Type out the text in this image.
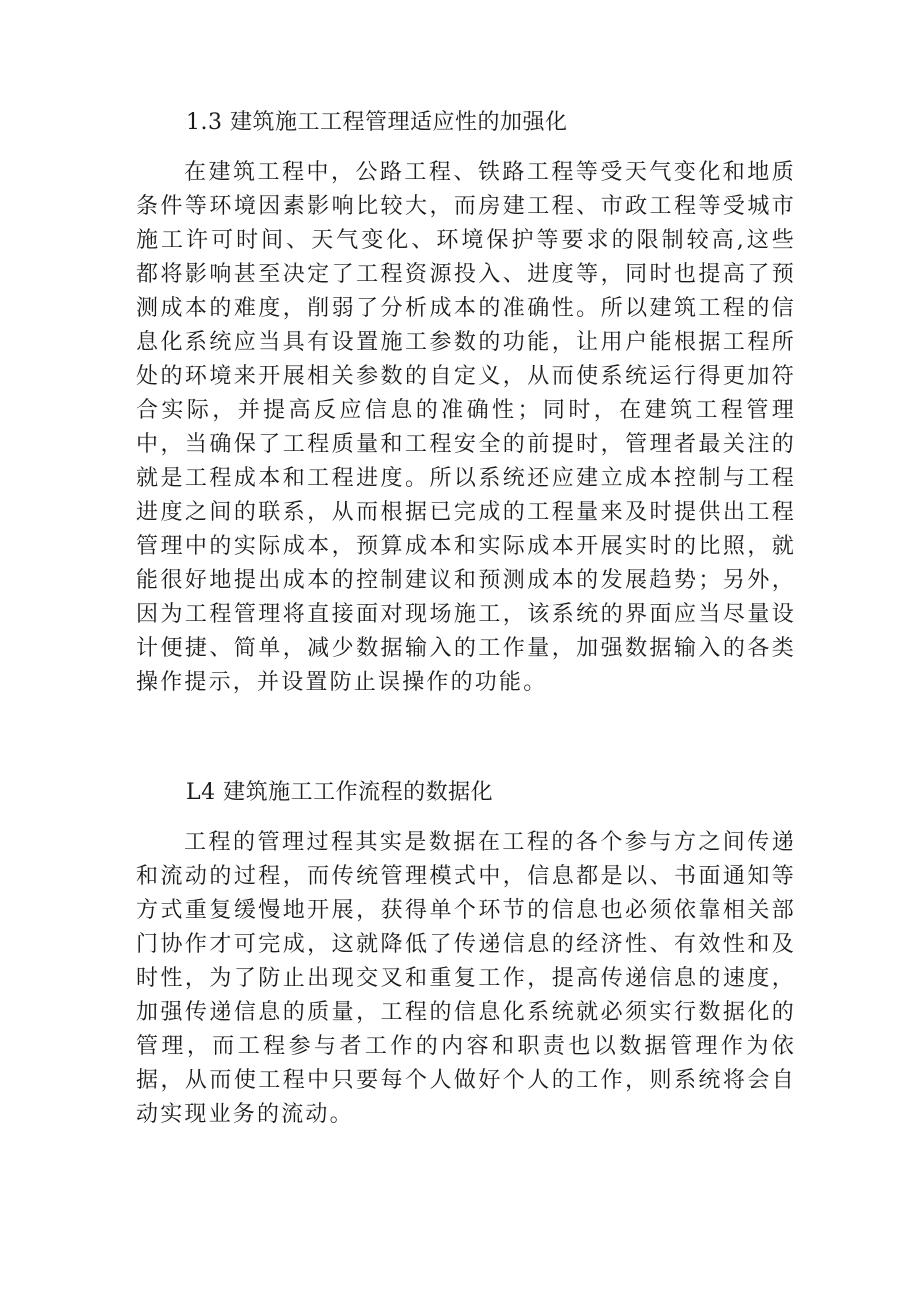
1.3 建筑施工工程管理适应性的加强化

在建筑工程中，公路工程、铁路工程等受天气变化和地质条件等环境因素影响比较大，而房建工程、市政工程等受城市施工许可时间、天气变化、环境保护等要求的限制较高,这些都将影响甚至决定了工程资源投入、进度等，同时也提高了预测成本的难度，削弱了分析成本的准确性。所以建筑工程的信息化系统应当具有设置施工参数的功能，让用户能根据工程所处的环境来开展相关参数的自定义，从而使系统运行得更加符合实际，并提高反应信息的准确性；同时，在建筑工程管理中，当确保了工程质量和工程安全的前提时，管理者最关注的就是工程成本和工程进度。所以系统还应建立成本控制与工程进度之间的联系，从而根据已完成的工程量来及时提供出工程管理中的实际成本，预算成本和实际成本开展实时的比照，就能很好地提出成本的控制建议和预测成本的发展趋势；另外，因为工程管理将直接面对现场施工，该系统的界面应当尽量设计便捷、简单，减少数据输入的工作量，加强数据输入的各类操作提示，并设置防止误操作的功能。

L4 建筑施工工作流程的数据化

工程的管理过程其实是数据在工程的各个参与方之间传递和流动的过程，而传统管理模式中，信息都是以、书面通知等方式重复缓慢地开展，获得单个环节的信息也必须依靠相关部门协作才可完成，这就降低了传递信息的经济性、有效性和及时性，为了防止出现交叉和重复工作，提高传递信息的速度，加强传递信息的质量，工程的信息化系统就必须实行数据化的管理，而工程参与者工作的内容和职责也以数据管理作为依据，从而使工程中只要每个人做好个人的工作，则系统将会自动实现业务的流动。
